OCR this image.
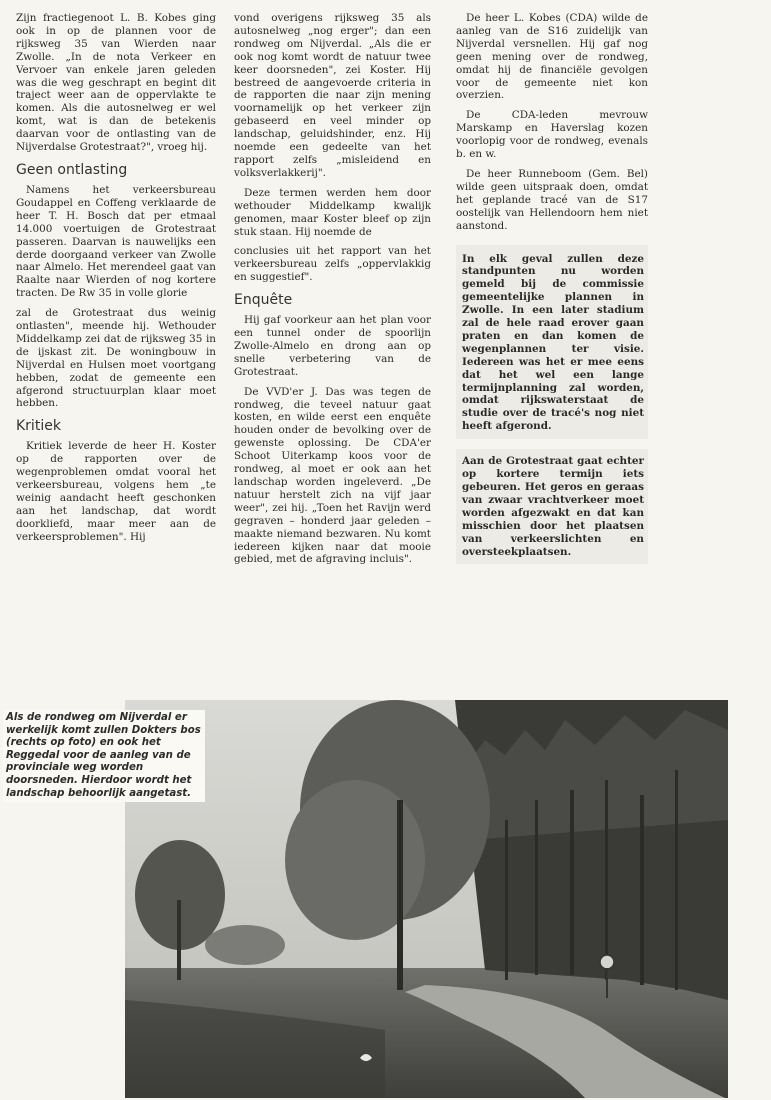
Zijn fractiegenoot L. B. Kobes ging ook in op de plannen voor de rijksweg 35 van Wierden naar Zwolle. „In de nota Verkeer en Vervoer van enkele jaren geleden was die weg geschrapt en begint dit traject weer aan de oppervlakte te komen. Als die autosnelweg er wel komt, wat is dan de betekenis daarvan voor de ontlasting van de Nijverdalse Grotestraat?", vroeg hij.

Geen ontlasting

Namens het verkeersbureau Goudappel en Coffeng verklaarde de heer T. H. Bosch dat per etmaal 14.000 voertuigen de Grotestraat passeren. Daarvan is nauwelijks een derde doorgaand verkeer van Zwolle naar Almelo. Het merendeel gaat van Raalte naar Wierden of nog kortere tracten. De Rw 35 in volle glorie

zal de Grotestraat dus weinig ontlasten", meende hij. Wethouder Middelkamp zei dat de rijksweg 35 in de ijskast zit. De woningbouw in Nijverdal en Hulsen moet voortgang hebben, zodat de gemeente een afgerond structuurplan klaar moet hebben.

Kritiek

Kritiek leverde de heer H. Koster op de rapporten over de wegenproblemen omdat vooral het verkeersbureau, volgens hem „te weinig aandacht heeft geschonken aan het landschap, dat wordt doorkliefd, maar meer aan de verkeersproblemen". Hij

vond overigens rijksweg 35 als autosnelweg „nog erger"; dan een rondweg om Nijverdal. „Als die er ook nog komt wordt de natuur twee keer doorsneden", zei Koster. Hij bestreed de aangevoerde criteria in de rapporten die naar zijn mening voornamelijk op het verkeer zijn gebaseerd en veel minder op landschap, geluidshinder, enz. Hij noemde een gedeelte van het rapport zelfs „misleidend en volksverlakkerij".

Deze termen werden hem door wethouder Middelkamp kwalijk genomen, maar Koster bleef op zijn stuk staan. Hij noemde de

conclusies uit het rapport van het verkeersbureau zelfs „oppervlakkig en suggestief".

Enquête

Hij gaf voorkeur aan het plan voor een tunnel onder de spoorlijn Zwolle-Almelo en drong aan op snelle verbetering van de Grotestraat.

De VVD'er J. Das was tegen de rondweg, die teveel natuur gaat kosten, en wilde eerst een enquête houden onder de bevolking over de gewenste oplossing. De CDA'er Schoot Uiterkamp koos voor de rondweg, al moet er ook aan het landschap worden ingeleverd. „De natuur herstelt zich na vijf jaar weer", zei hij. „Toen het Ravijn werd gegraven – honderd jaar geleden – maakte niemand bezwaren. Nu komt iedereen kijken naar dat mooie gebied, met de afgraving incluis".

De heer L. Kobes (CDA) wilde de aanleg van de S16 zuidelijk van Nijverdal versnellen. Hij gaf nog geen mening over de rondweg, omdat hij de financiële gevolgen voor de gemeente niet kon overzien.

De CDA-leden mevrouw Marskamp en Haverslag kozen voorlopig voor de rondweg, evenals b. en w.

De heer Runneboom (Gem. Bel) wilde geen uitspraak doen, omdat het geplande tracé van de S17 oostelijk van Hellendoorn hem niet aanstond.

In elk geval zullen deze standpunten nu worden gemeld bij de commissie gemeentelijke plannen in Zwolle. In een later stadium zal de hele raad erover gaan praten en dan komen de wegenplannen ter visie. Iedereen was het er mee eens dat het wel een lange termijnplanning zal worden, omdat rijkswaterstaat de studie over de tracé's nog niet heeft afgerond.
Aan de Grotestraat gaat echter op kortere termijn iets gebeuren. Het geros en geraas van zwaar vrachtverkeer moet worden afgezwakt en dat kan misschien door het plaatsen van verkeerslichten en oversteekplaatsen.
Als de rondweg om Nijverdal er werkelijk komt zullen Dokters bos (rechts op foto) en ook het Reggedal voor de aanleg van de provinciale weg worden doorsneden. Hierdoor wordt het landschap behoorlijk aangetast.
